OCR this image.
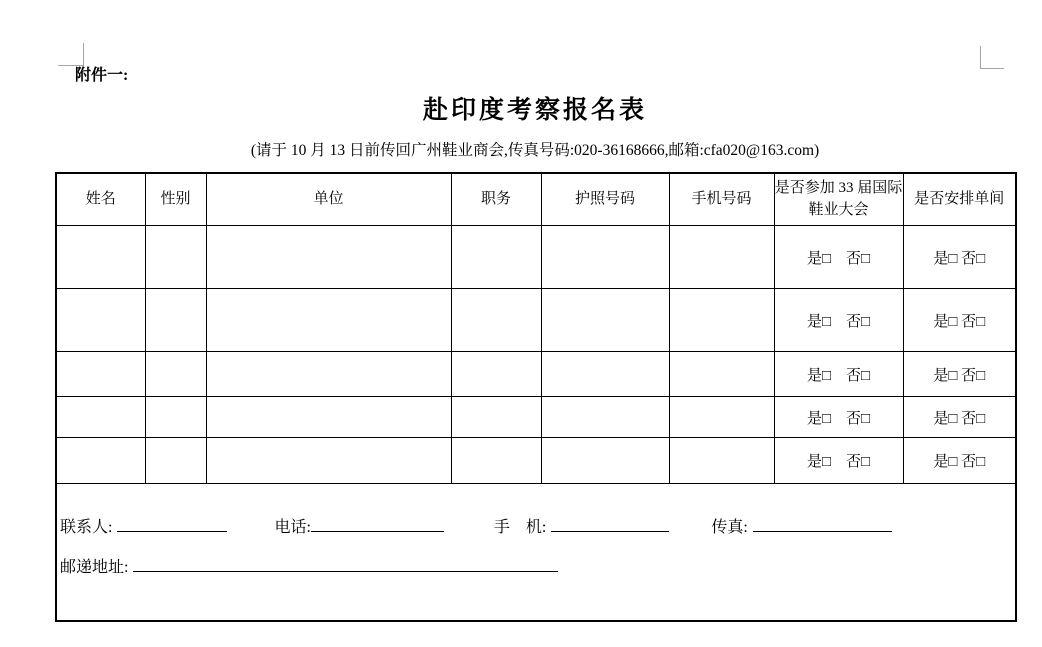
附件一:
赴印度考察报名表
(请于 10 月 13 日前传回广州鞋业商会,传真号码:020-36168666,邮箱:cfa020@163.com)
姓名	性别	单位	职务	护照号码	手机号码	是否参加 33 届国际鞋业大会	是否安排单间
						是□　否□	是□ 否□
						是□　否□	是□ 否□
						是□　否□	是□ 否□
						是□　否□	是□ 否□
						是□　否□	是□ 否□

联系人: 电话: 手　机: 传真:
邮递地址:							
